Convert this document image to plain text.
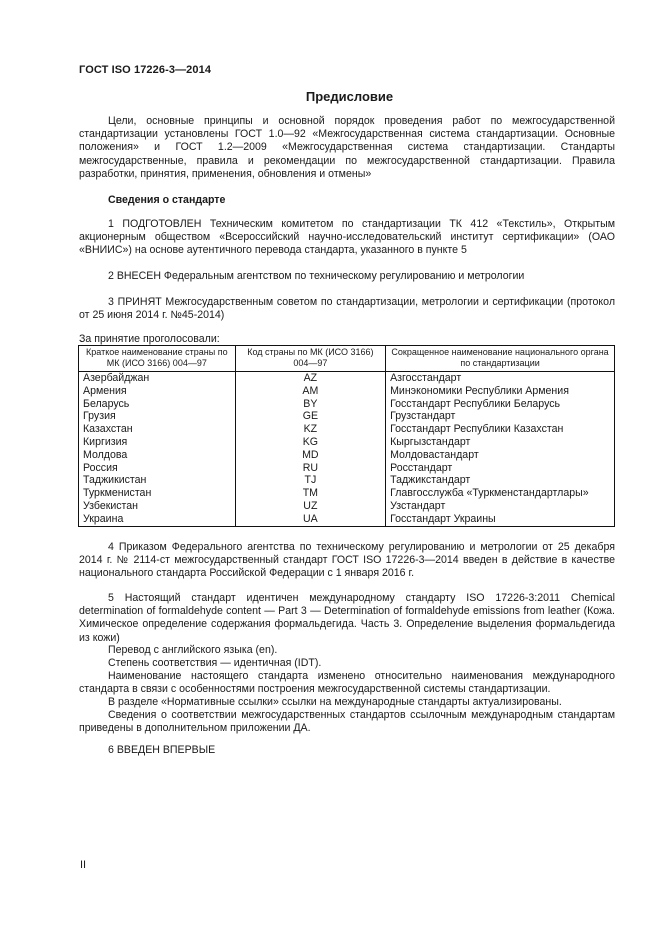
ГОСТ ISO 17226-3—2014
Предисловие

Цели, основные принципы и основной порядок проведения работ по межгосударственной стандартизации установлены ГОСТ 1.0—92 «Межгосударственная система стандартизации. Основные положения» и ГОСТ 1.2—2009 «Межгосударственная система стандартизации. Стандарты межгосударственные, правила и рекомендации по межгосударственной стандартизации. Правила разработки, принятия, применения, обновления и отмены»

Сведения о стандарте

1 ПОДГОТОВЛЕН Техническим комитетом по стандартизации ТК 412 «Текстиль», Открытым акционерным обществом «Всероссийский научно-исследовательский институт сертификации» (ОАО «ВНИИС») на основе аутентичного перевода стандарта, указанного в пункте 5

2 ВНЕСЕН Федеральным агентством по техническому регулированию и метрологии

3 ПРИНЯТ Межгосударственным советом по стандартизации, метрологии и сертификации (протокол от 25 июня 2014 г. №45-2014)

За принятие проголосовали:
Краткое наименование страны по МК (ИСО 3166) 004—97	Код страны по МК (ИСО 3166) 004—97	Сокращенное наименование национального органа по стандартизации
Азербайджан	AZ	Азгосстандарт
Армения	AM	Минэкономики Республики Армения
Беларусь	BY	Госстандарт Республики Беларусь
Грузия	GE	Грузстандарт
Казахстан	KZ	Госстандарт Республики Казахстан
Киргизия	KG	Кыргызстандарт
Молдова	MD	Молдовастандарт
Россия	RU	Росстандарт
Таджикистан	TJ	Таджикстандарт
Туркменистан	TM	Главгосслужба «Туркменстандартлары»
Узбекистан	UZ	Узстандарт
Украина	UA	Госстандарт Украины

4 Приказом Федерального агентства по техническому регулированию и метрологии от 25 декабря 2014 г. № 2114-ст межгосударственный стандарт ГОСТ ISO 17226-3—2014 введен в действие в качестве национального стандарта Российской Федерации с 1 января 2016 г.

5 Настоящий стандарт идентичен международному стандарту ISO 17226-3:2011 Chemical determination of formaldehyde content — Part 3 — Determination of formaldehyde emissions from leather (Кожа. Химическое определение содержания формальдегида. Часть 3. Определение выделения формальдегида из кожи)

Перевод с английского языка (en).

Степень соответствия — идентичная (IDT).

Наименование настоящего стандарта изменено относительно наименования международного стандарта в связи с особенностями построения межгосударственной системы стандартизации.

В разделе «Нормативные ссылки» ссылки на международные стандарты актуализированы.

Сведения о соответствии межгосударственных стандартов ссылочным международным стандартам приведены в дополнительном приложении ДА.

6 ВВЕДЕН ВПЕРВЫЕ

II
